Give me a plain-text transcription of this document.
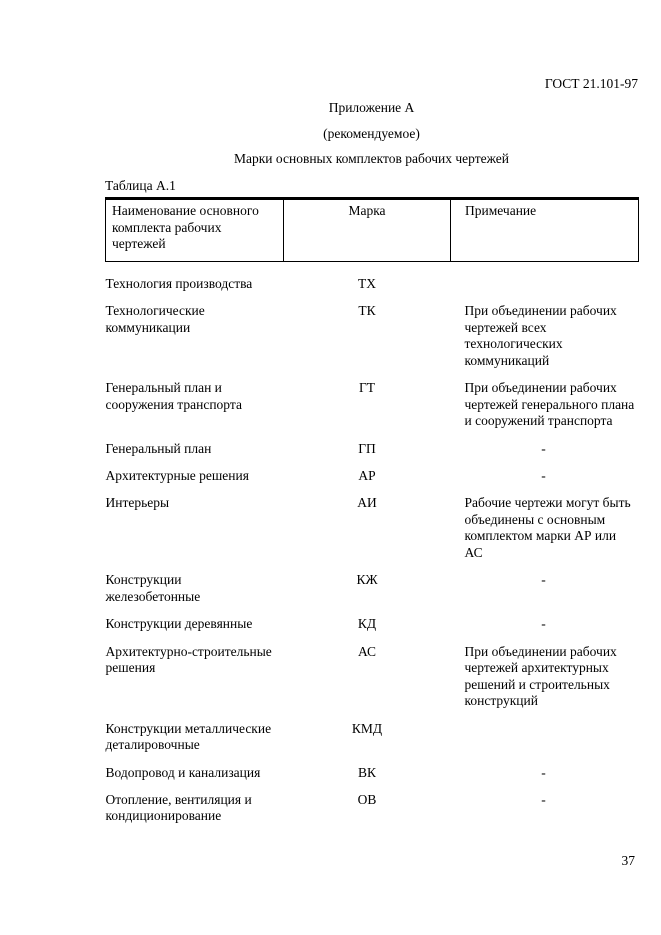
ГОСТ 21.101-97
Приложение А
(рекомендуемое)
Марки основных комплектов рабочих чертежей
Таблица А.1
Наименование основного комплекта рабочих чертежей	Марка	Примечание
Технология производства	ТХ	
Технологические коммуникации	ТК	При объединении рабочих чертежей всех технологических коммуникаций
Генеральный план и сооружения транспорта	ГТ	При объединении рабочих чертежей генерального плана и сооружений транспорта
Генеральный план	ГП	-
Архитектурные решения	АР	-
Интерьеры	АИ	Рабочие чертежи могут быть объединены с основным комплектом марки АР или АС
Конструкции железобетонные	КЖ	-
Конструкции деревянные	КД	-
Архитектурно-строительные решения	АС	При объединении рабочих чертежей архитектурных решений и строительных конструкций
Конструкции металлические деталировочные	КМД	
Водопровод и канализация	ВК	-
Отопление, вентиляция и кондиционирование	ОВ	-
37
